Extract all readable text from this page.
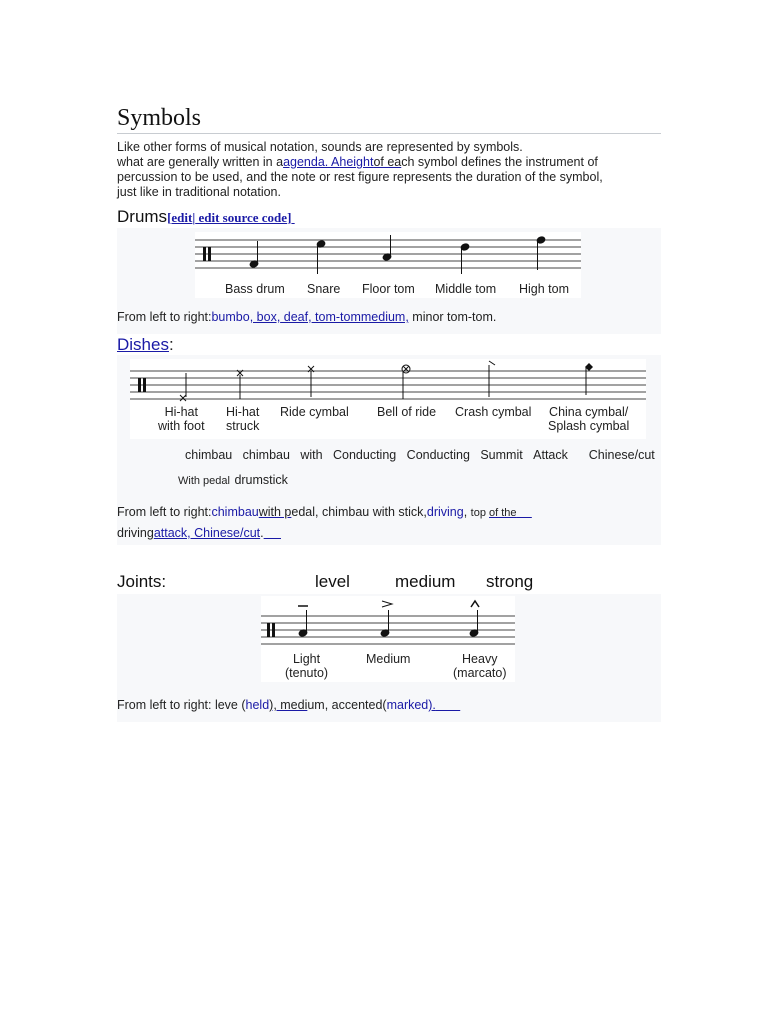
Symbols
Like other forms of musical notation, sounds are represented by symbols.
what are generally written in aagenda. Aheightof each symbol defines the instrument of
percussion to be used, and the note or rest figure represents the duration of the symbol,
just like in traditional notation.
Drums[edit| edit source code]
Bass drum Snare Floor tom Middle tom High tom
From left to right:bumbo, box, deaf, tom-tommedium, minor tom-tom.
Dishes:
Hi-hat
with foot
Hi-hat
struck
Ride cymbal Bell of ride Crash cymbal China cymbal/
Splash cymbal
chimbau chimbau with Conducting Conducting Summit Attack Chinese/cut
With pedal drumstick
From left to right:chimbauwith pedal, chimbau with stick,driving, top of the
drivingattack, Chinese/cut.
Joints:	level	medium strong
Light
(tenuto)
Medium	Heavy
(marcato)
From left to right: leve (held), medium, accented(marked).
